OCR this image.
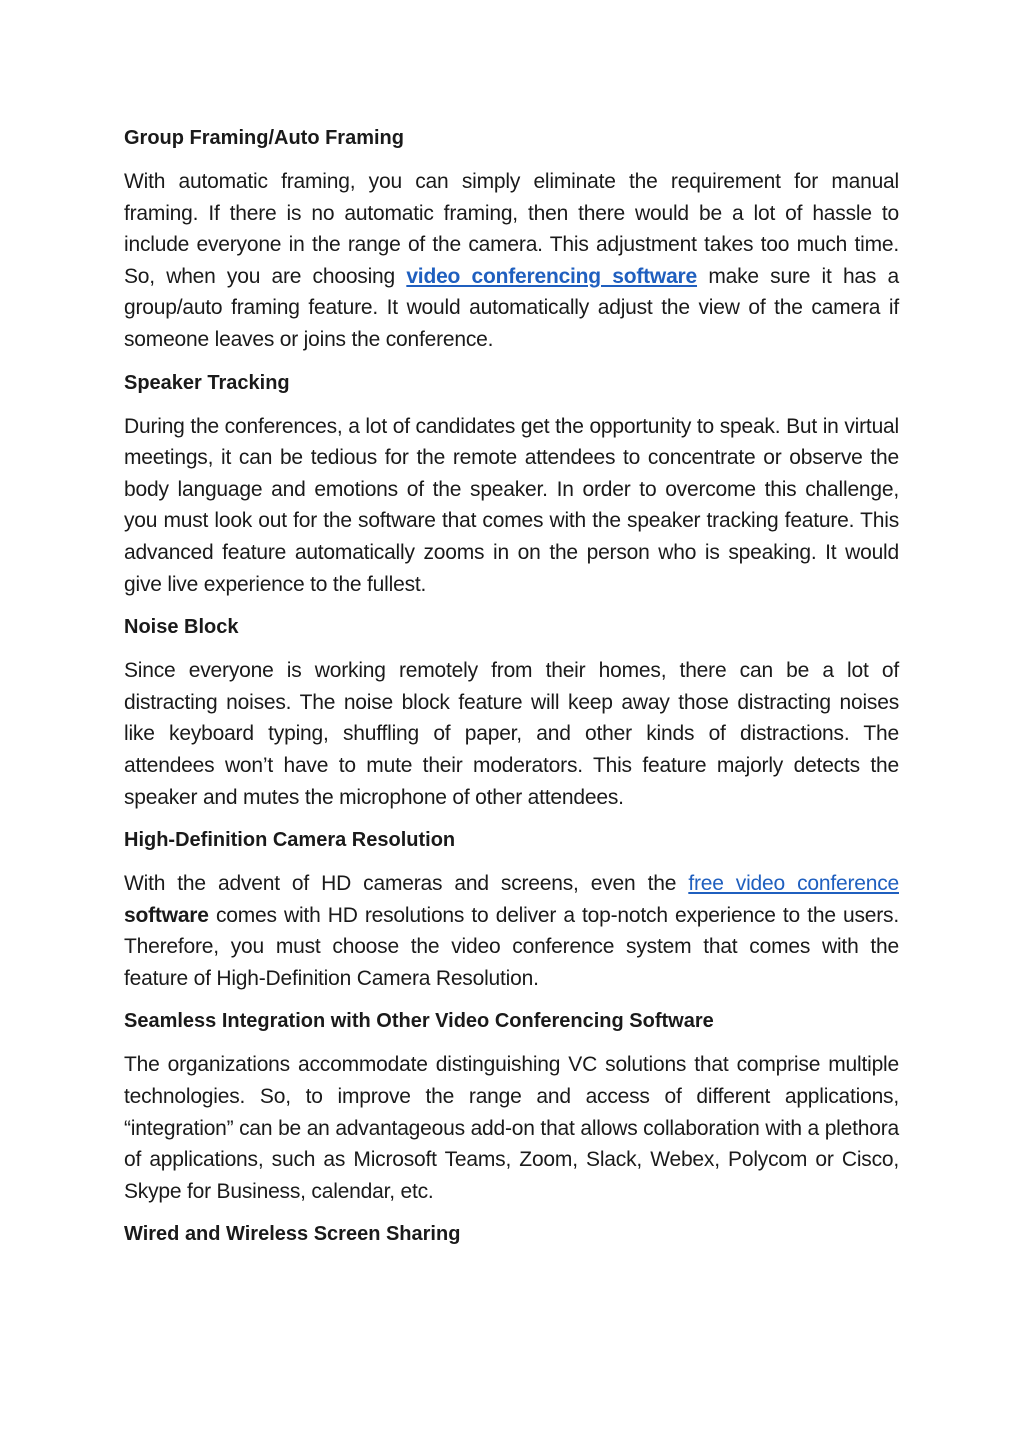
Group Framing/Auto Framing

With automatic framing, you can simply eliminate the requirement for manual framing. If there is no automatic framing, then there would be a lot of hassle to include everyone in the range of the camera. This adjustment takes too much time. So, when you are choosing video conferencing software make sure it has a group/auto framing feature. It would automatically adjust the view of the camera if someone leaves or joins the conference.

Speaker Tracking

During the conferences, a lot of candidates get the opportunity to speak. But in virtual meetings, it can be tedious for the remote attendees to concentrate or observe the body language and emotions of the speaker. In order to overcome this challenge, you must look out for the software that comes with the speaker tracking feature. This advanced feature automatically zooms in on the person who is speaking. It would give live experience to the fullest.

Noise Block

Since everyone is working remotely from their homes, there can be a lot of distracting noises. The noise block feature will keep away those distracting noises like keyboard typing, shuffling of paper, and other kinds of distractions. The attendees won’t have to mute their moderators. This feature majorly detects the speaker and mutes the microphone of other attendees.

High-Definition Camera Resolution

With the advent of HD cameras and screens, even the free video conference software comes with HD resolutions to deliver a top-notch experience to the users. Therefore, you must choose the video conference system that comes with the feature of High-Definition Camera Resolution.

Seamless Integration with Other Video Conferencing Software

The organizations accommodate distinguishing VC solutions that comprise multiple technologies. So, to improve the range and access of different applications, “integration” can be an advantageous add-on that allows collaboration with a plethora of applications, such as Microsoft Teams, Zoom, Slack, Webex, Polycom or Cisco, Skype for Business, calendar, etc.

Wired and Wireless Screen Sharing
